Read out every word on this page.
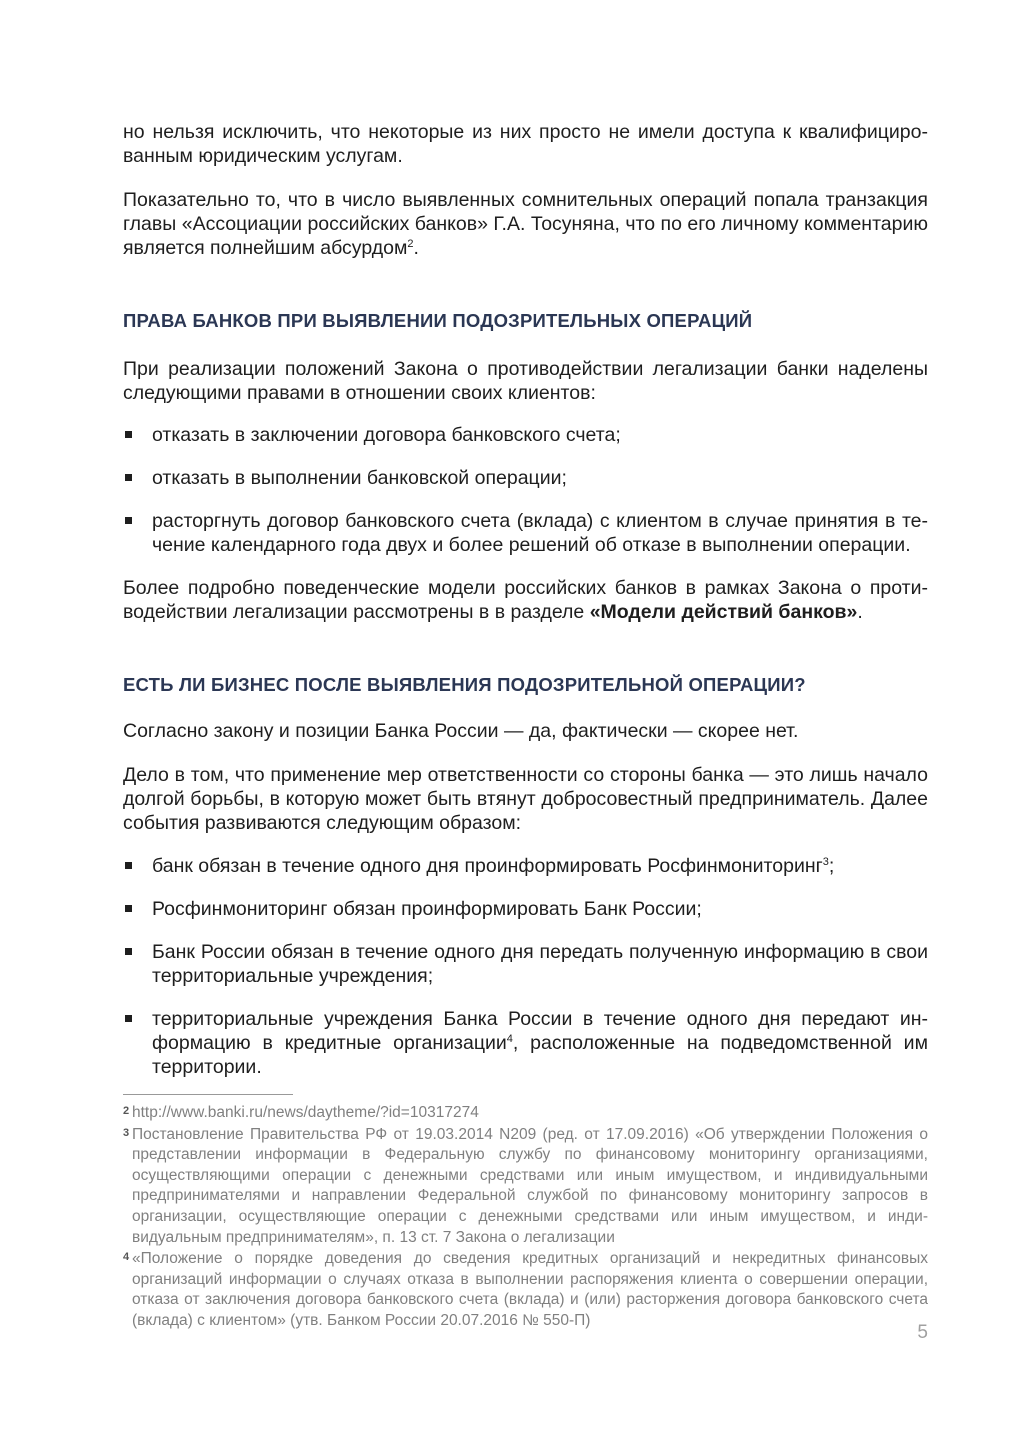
но нельзя исключить, что некоторые из них просто не имели доступа к квалифициро-ванным юридическим услугам.

Показательно то, что в число выявленных сомнительных операций попала транзакция главы «Ассоциации российских банков» Г.А. Тосуняна, что по его личному комментарию является полнейшим абсурдом$^2$.

ПРАВА БАНКОВ ПРИ ВЫЯВЛЕНИИ ПОДОЗРИТЕЛЬНЫХ ОПЕРАЦИЙ

При реализации положений Закона о противодействии легализации банки наделены следующими правами в отношении своих клиентов:

отказать в заключении договора банковского счета;
отказать в выполнении банковской операции;
расторгнуть договор банковского счета (вклада) с клиентом в случае принятия в те-чение календарного года двух и более решений об отказе в выполнении операции.

Более подробно поведенческие модели российских банков в рамках Закона о проти-водействии легализации рассмотрены в в разделе «Модели действий банков».

ЕСТЬ ЛИ БИЗНЕС ПОСЛЕ ВЫЯВЛЕНИЯ ПОДОЗРИТЕЛЬНОЙ ОПЕРАЦИИ?

Согласно закону и позиции Банка России — да, фактически — скорее нет.

Дело в том, что применение мер ответственности со стороны банка — это лишь начало долгой борьбы, в которую может быть втянут добросовестный предприниматель. Далее события развиваются следующим образом:

банк обязан в течение одного дня проинформировать Росфинмониторинг$^3$;
Росфинмониторинг обязан проинформировать Банк России;
Банк России обязан в течение одного дня передать полученную информацию в свои территориальные учреждения;
территориальные учреждения Банка России в течение одного дня передают ин-формацию в кредитные организации$^4$, расположенные на подведомственной им территории.
2 http://www.banki.ru/news/daytheme/?id=10317274
3 Постановление Правительства РФ от 19.03.2014 N209 (ред. от 17.09.2016) «Об утверждении Положения о представлении информации в Федеральную службу по финансовому мониторингу организациями, осуществляющими операции с денежными средствами или иным имуществом, и индивидуальными предпринимателями и направлении Федеральной службой по финансовому мониторингу запросов в организации, осуществляющие операции с денежными средствами или иным имуществом, и инди-видуальным предпринимателям», п. 13 ст. 7 Закона о легализации
4 «Положение о порядке доведения до сведения кредитных организаций и некредитных финансовых организаций информации о случаях отказа в выполнении распоряжения клиента о совершении операции, отказа от заключения договора банковского счета (вклада) и (или) расторжения договора банковского счета (вклада) с клиентом» (утв. Банком России 20.07.2016 № 550-П)
5
